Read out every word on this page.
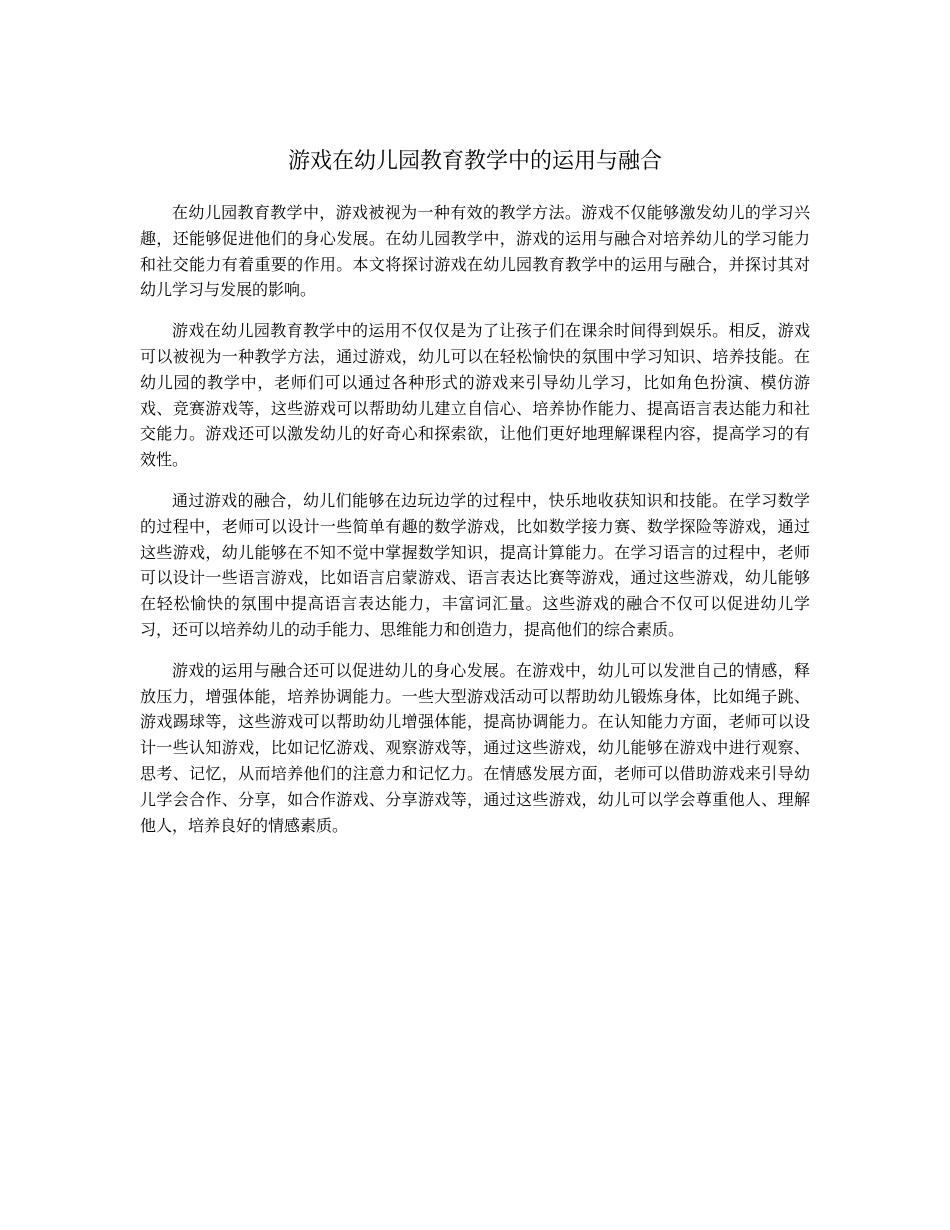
游戏在幼儿园教育教学中的运用与融合

在幼儿园教育教学中，游戏被视为一种有效的教学方法。游戏不仅能够激发幼儿的学习兴趣，还能够促进他们的身心发展。在幼儿园教学中，游戏的运用与融合对培养幼儿的学习能力和社交能力有着重要的作用。本文将探讨游戏在幼儿园教育教学中的运用与融合，并探讨其对幼儿学习与发展的影响。

游戏在幼儿园教育教学中的运用不仅仅是为了让孩子们在课余时间得到娱乐。相反，游戏可以被视为一种教学方法，通过游戏，幼儿可以在轻松愉快的氛围中学习知识、培养技能。在幼儿园的教学中，老师们可以通过各种形式的游戏来引导幼儿学习，比如角色扮演、模仿游戏、竞赛游戏等，这些游戏可以帮助幼儿建立自信心、培养协作能力、提高语言表达能力和社交能力。游戏还可以激发幼儿的好奇心和探索欲，让他们更好地理解课程内容，提高学习的有效性。

通过游戏的融合，幼儿们能够在边玩边学的过程中，快乐地收获知识和技能。在学习数学的过程中，老师可以设计一些简单有趣的数学游戏，比如数学接力赛、数学探险等游戏，通过这些游戏，幼儿能够在不知不觉中掌握数学知识，提高计算能力。在学习语言的过程中，老师可以设计一些语言游戏，比如语言启蒙游戏、语言表达比赛等游戏，通过这些游戏，幼儿能够在轻松愉快的氛围中提高语言表达能力，丰富词汇量。这些游戏的融合不仅可以促进幼儿学习，还可以培养幼儿的动手能力、思维能力和创造力，提高他们的综合素质。

游戏的运用与融合还可以促进幼儿的身心发展。在游戏中，幼儿可以发泄自己的情感，释放压力，增强体能，培养协调能力。一些大型游戏活动可以帮助幼儿锻炼身体，比如绳子跳、游戏踢球等，这些游戏可以帮助幼儿增强体能，提高协调能力。在认知能力方面，老师可以设计一些认知游戏，比如记忆游戏、观察游戏等，通过这些游戏，幼儿能够在游戏中进行观察、思考、记忆，从而培养他们的注意力和记忆力。在情感发展方面，老师可以借助游戏来引导幼儿学会合作、分享，如合作游戏、分享游戏等，通过这些游戏，幼儿可以学会尊重他人、理解他人，培养良好的情感素质。
